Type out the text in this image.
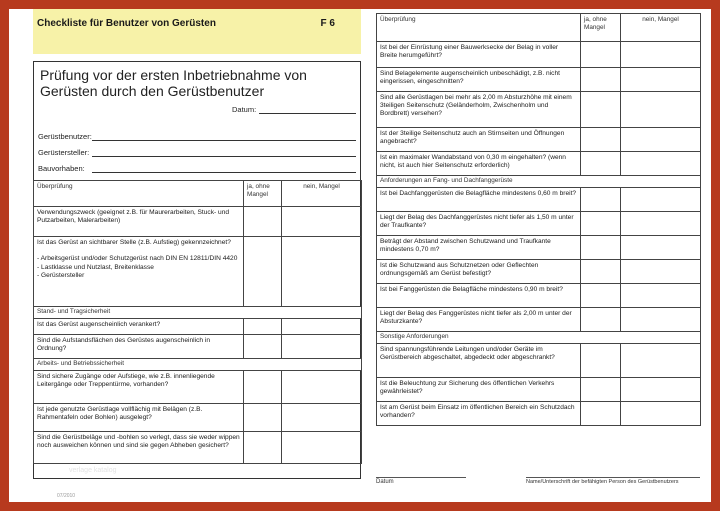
Checkliste für Benutzer von Gerüsten	F 6
Prüfung vor der ersten Inbetriebnahme von Gerüsten durch den Gerüstbenutzer
Datum:
Gerüstbenutzer:
Gerüstersteller:
Bauvorhaben:
Überprüfung	ja, ohne Mangel	nein, Mangel
Verwendungszweck (geeignet z.B. für Maurerarbeiten, Stuck- und Putzarbeiten, Malerarbeiten)		
Ist das Gerüst an sichtbarer Stelle (z.B. Aufstieg) gekennzeichnet?

- Arbeitsgerüst und/oder Schutzgerüst nach DIN EN 12811/DIN 4420
- Lastklasse und Nutzlast, Breitenklasse
- Gerüstersteller		

Stand- und Tragsicherheit		
Ist das Gerüst augenscheinlich verankert?		
Sind die Aufstandsflächen des Gerüstes augenscheinlich in Ordnung?		
Arbeits- und Betriebssicherheit		
Sind sichere Zugänge oder Aufstiege, wie z.B. innenliegende Leitergänge oder Treppentürme, vorhanden?		
Ist jede genutzte Gerüstlage vollflächig mit Belägen (z.B. Rahmentafeln oder Bohlen) ausgelegt?		
Sind die Gerüstbeläge und -bohlen so verlegt, dass sie weder wippen noch ausweichen können und sind sie gegen Abheben gesichert?		
verlage katalog
07/2010
Überprüfung	ja, ohne Mangel	nein, Mangel
Ist bei der Einrüstung einer Bauwerksecke der Belag in voller Breite herumgeführt?		
Sind Belagelemente augenscheinlich unbeschädigt, z.B. nicht eingerissen, eingeschnitten?		
Sind alle Gerüstlagen bei mehr als 2,00 m Absturzhöhe mit einem 3teiligen Seitenschutz (Geländerholm, Zwischenholm und Bordbrett) versehen?		
Ist der 3teilige Seitenschutz auch an Stirnseiten und Öffnungen angebracht?		
Ist ein maximaler Wandabstand von 0,30 m eingehalten? (wenn nicht, ist auch hier Seitenschutz erforderlich)		
Anforderungen an Fang- und Dachfanggerüste		
Ist bei Dachfanggerüsten die Belagfläche mindestens 0,60 m breit?		
Liegt der Belag des Dachfanggerüstes nicht tiefer als 1,50 m unter der Traufkante?		
Beträgt der Abstand zwischen Schutzwand und Traufkante mindestens 0,70 m?		
Ist die Schutzwand aus Schutznetzen oder Geflechten ordnungsgemäß am Gerüst befestigt?		
Ist bei Fanggerüsten die Belagfläche mindestens 0,90 m breit?		
Liegt der Belag des Fanggerüstes nicht tiefer als 2,00 m unter der Absturzkante?		
Sonstige Anforderungen		
Sind spannungsführende Leitungen und/oder Geräte im Gerüstbereich abgeschaltet, abgedeckt oder abgeschrankt?		
Ist die Beleuchtung zur Sicherung des öffentlichen Verkehrs gewährleistet?		
Ist am Gerüst beim Einsatz im öffentlichen Bereich ein Schutzdach vorhanden?		
Datum	Name/Unterschrift der befähigten Person des Gerüstbenutzers
